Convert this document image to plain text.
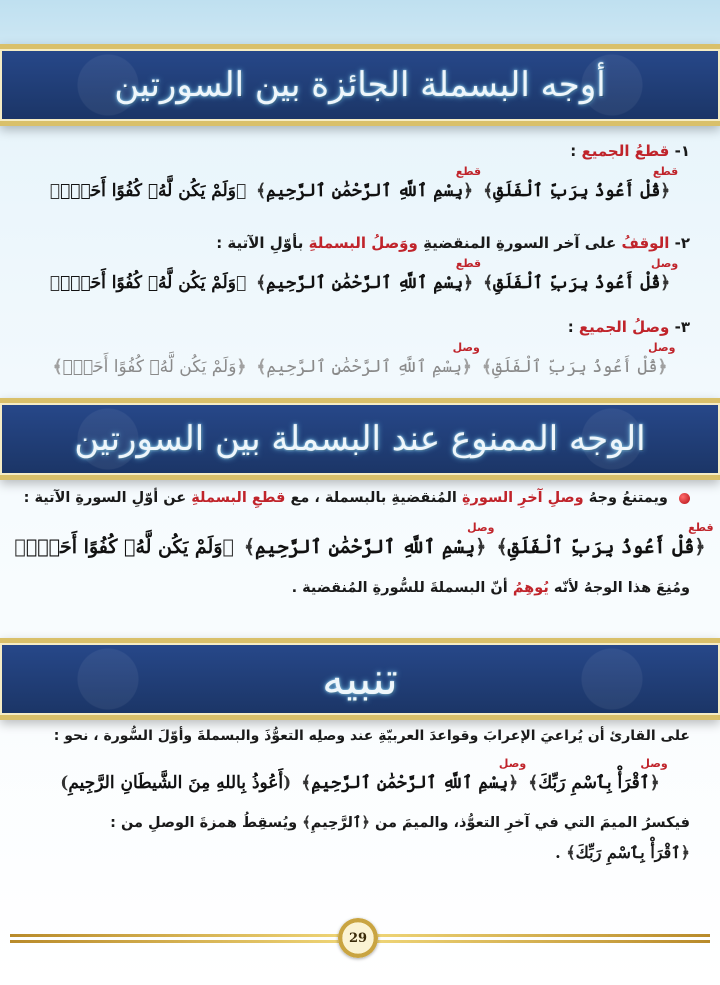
أوجه البسملة الجائزة بين السورتين
١- قطعُ الجميع :
﴿قُلْ أَعُوذُ بِرَبِّ ٱلْفَلَقِ﴾
قطع
﴿بِسْمِ ٱللَّهِ ٱلرَّحْمَٰنِ ٱلرَّحِيمِ﴾
قطع
﴿وَلَمْ يَكُن لَّهُۥ كُفُوًا أَحَدٌۢ﴾
٢- الوقفُ على آخر السورةِ المنقضيةِ ووَصلُ البسملةِ بأوّلِ الآتية :
﴿قُلْ أَعُوذُ بِرَبِّ ٱلْفَلَقِ﴾
وصل
﴿بِسْمِ ٱللَّهِ ٱلرَّحْمَٰنِ ٱلرَّحِيمِ﴾
قطع
﴿وَلَمْ يَكُن لَّهُۥ كُفُوًا أَحَدٌۢ﴾
٣- وصلُ الجميع :
﴿قُلْ أَعُوذُ بِرَبِّ ٱلْفَلَقِ﴾
وصل
﴿بِسْمِ ٱللَّهِ ٱلرَّحْمَٰنِ ٱلرَّحِيمِ﴾
وصل
﴿وَلَمْ يَكُن لَّهُۥ كُفُوًا أَحَدٌۢ﴾
الوجه الممنوع عند البسملة بين السورتين
ويمتنعُ وجهُ وصلِ آخرِ السورةِ المُنقضيةِ بالبسملة ، مع قطعِ البسملةِ عن أوّلِ السورةِ الآتية :
﴿قُلْ أَعُوذُ بِرَبِّ ٱلْفَلَقِ﴾
قطع
﴿بِسْمِ ٱللَّهِ ٱلرَّحْمَٰنِ ٱلرَّحِيمِ﴾
وصل
﴿وَلَمْ يَكُن لَّهُۥ كُفُوًا أَحَدٌۢ﴾
ومُنِعَ هذا الوجهُ لأنّه يُوهِمُ أنّ البسملةَ للسُّورةِ المُنقضية .
تنبيه
على القارئ أن يُراعيَ الإعرابَ وقواعدَ العربيّةِ عند وصلِه التعوُّذَ والبسملةَ وأوّلَ السُّورة ، نحو :
﴿ٱقْرَأْ بِٱسْمِ رَبِّكَ﴾
وصل
﴿بِسْمِ ٱللَّهِ ٱلرَّحْمَٰنِ ٱلرَّحِيمِ﴾
وصل
(أَعُوذُ بِاللهِ مِنَ الشَّيطَانِ الرَّجِيمِ)
فيكسرُ الميمَ التي في آخرِ التعوُّذ، والميمَ من ﴿ٱلرَّحِيمِ﴾ ويُسقِطُ همزةَ الوصلِ من :
﴿ٱقْرَأْ بِٱسْمِ رَبِّكَ﴾ .
29
